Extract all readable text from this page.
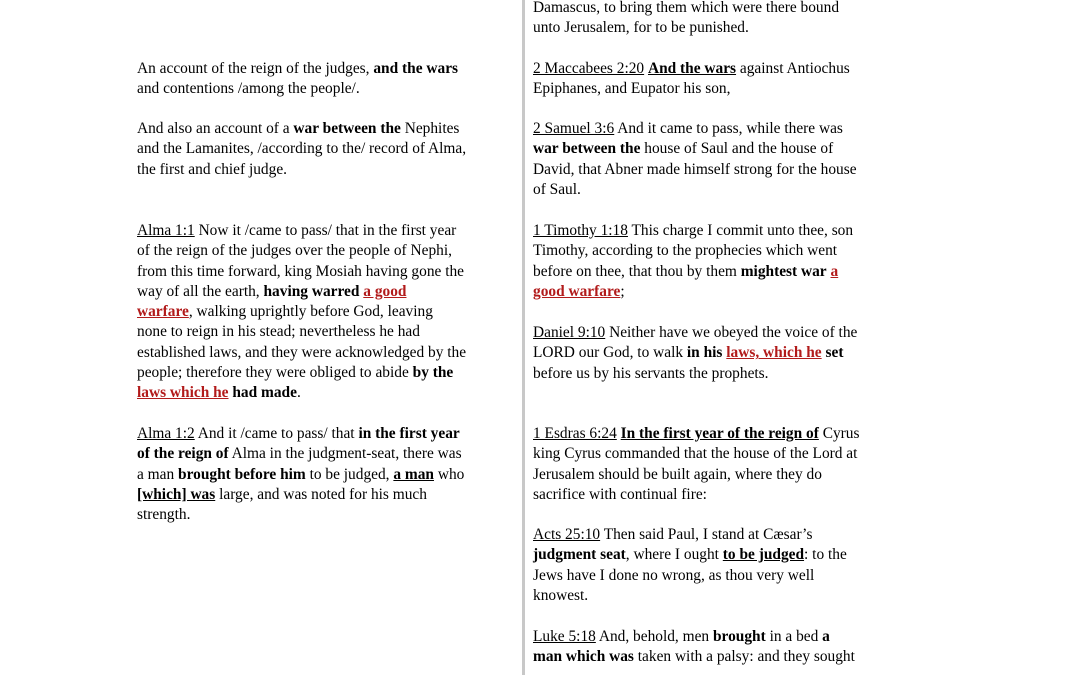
An account of the reign of the judges, and the wars
and contentions /among the people/.
And also an account of a war between the Nephites
and the Lamanites, /according to the/ record of Alma,
the first and chief judge.
Alma 1:1 Now it /came to pass/ that in the first year
of the reign of the judges over the people of Nephi,
from this time forward, king Mosiah having gone the
way of all the earth, having warred a good
warfare, walking uprightly before God, leaving
none to reign in his stead; nevertheless he had
established laws, and they were acknowledged by the
people; therefore they were obliged to abide by the
laws which he had made.
Alma 1:2 And it /came to pass/ that in the first year
of the reign of Alma in the judgment-seat, there was
a man brought before him to be judged, a man who
[which] was large, and was noted for his much
strength.
Damascus, to bring them which were there bound
unto Jerusalem, for to be punished.
2 Maccabees 2:20 And the wars against Antiochus
Epiphanes, and Eupator his son,
2 Samuel 3:6 And it came to pass, while there was
war between the house of Saul and the house of
David, that Abner made himself strong for the house
of Saul.
1 Timothy 1:18 This charge I commit unto thee, son
Timothy, according to the prophecies which went
before on thee, that thou by them mightest war a
good warfare;
Daniel 9:10 Neither have we obeyed the voice of the
LORD our God, to walk in his laws, which he set
before us by his servants the prophets.
1 Esdras 6:24 In the first year of the reign of Cyrus
king Cyrus commanded that the house of the Lord at
Jerusalem should be built again, where they do
sacrifice with continual fire:
Acts 25:10 Then said Paul, I stand at Cæsar’s
judgment seat, where I ought to be judged: to the
Jews have I done no wrong, as thou very well
knowest.
Luke 5:18 And, behold, men brought in a bed a
man which was taken with a palsy: and they sought
